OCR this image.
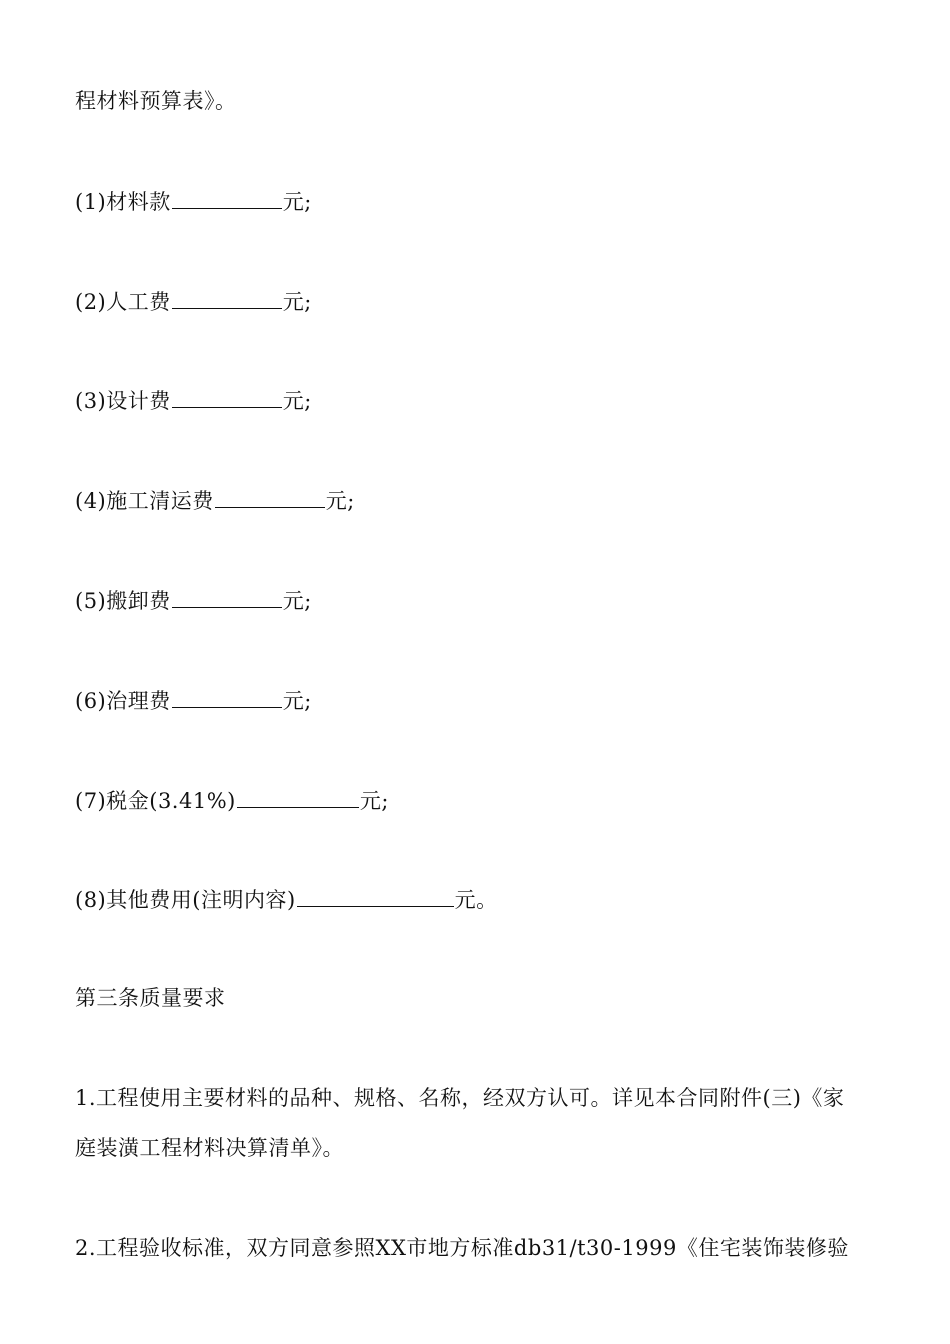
程材料预算表》。
(1)材料款	元;
(2)人工费	元;
(3)设计费	元;
(4)施工清运费	元;
(5)搬卸费	元;
(6)治理费	元;
(7)税金(3.41%)	元;
(8)其他费用(注明内容)	元。
第三条质量要求
1.工程使用主要材料的品种、规格、名称，经双方认可。详见本合同附件(三)《家
庭装潢工程材料决算清单》。
2.工程验收标准，双方同意参照XX市地方标准db31/t30-1999《住宅装饰装修验
